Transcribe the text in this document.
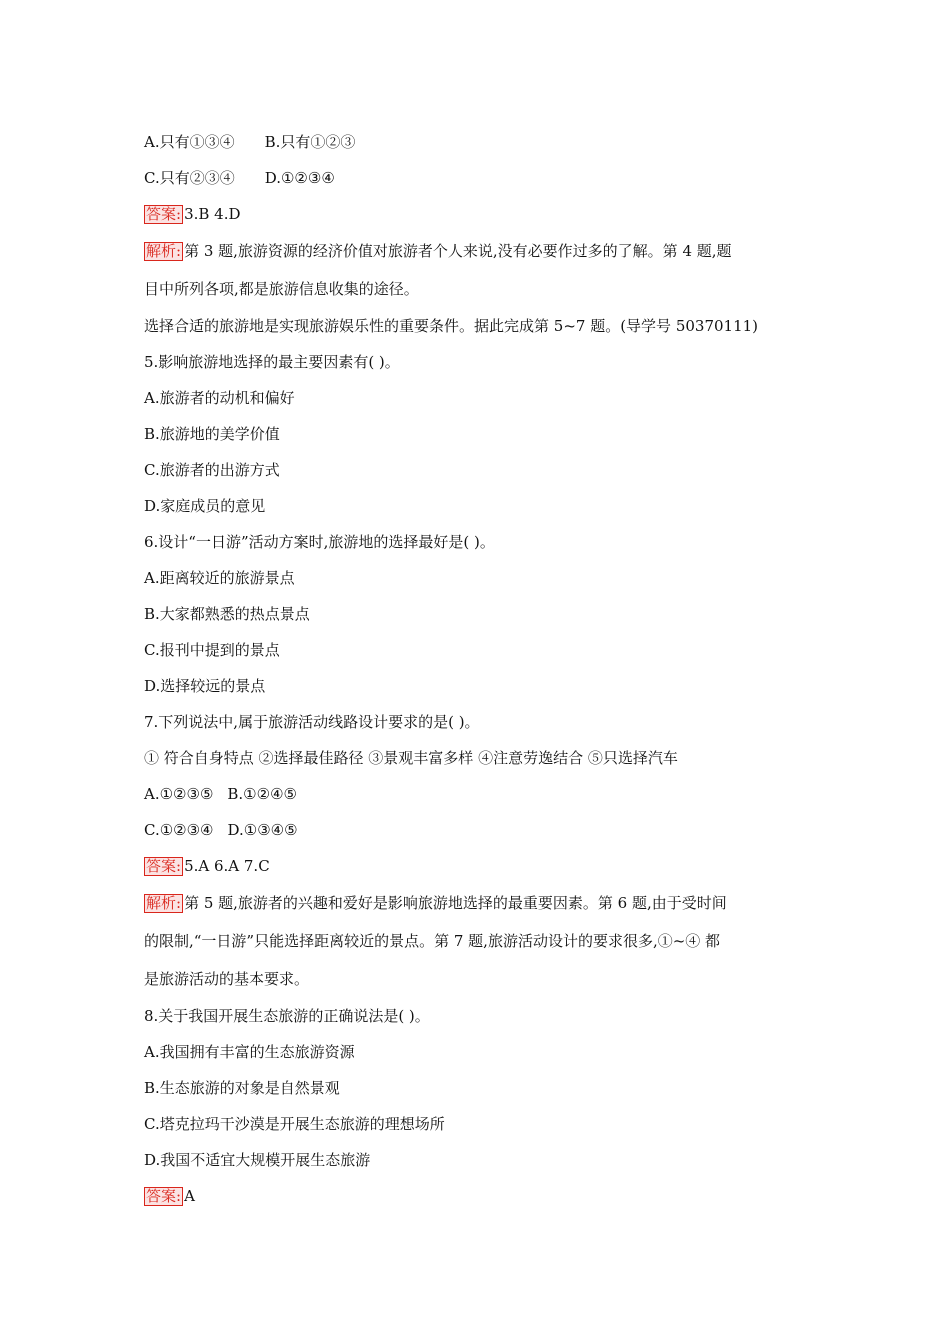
A.只有①③④ B.只有①②③
C.只有②③④ D.①②③④
答案: 3.B 4.D
解析: 第 3 题,旅游资源的经济价值对旅游者个人来说,没有必要作过多的了解。第 4 题,题
目中所列各项,都是旅游信息收集的途径。
选择合适的旅游地是实现旅游娱乐性的重要条件。据此完成第 5~7 题。(导学号 50370111)
5.影响旅游地选择的最主要因素有( )。
A.旅游者的动机和偏好
B.旅游地的美学价值
C.旅游者的出游方式
D.家庭成员的意见
6.设计“一日游”活动方案时,旅游地的选择最好是( )。
A.距离较近的旅游景点
B.大家都熟悉的热点景点
C.报刊中提到的景点
D.选择较远的景点
7.下列说法中,属于旅游活动线路设计要求的是( )。
① 符合自身特点 ②选择最佳路径 ③景观丰富多样 ④注意劳逸结合 ⑤只选择汽车
A.①②③⑤ B.①②④⑤
C.①②③④ D.①③④⑤
答案: 5.A 6.A 7.C
解析: 第 5 题,旅游者的兴趣和爱好是影响旅游地选择的最重要因素。第 6 题,由于受时间
的限制,“一日游”只能选择距离较近的景点。第 7 题,旅游活动设计的要求很多,①~④ 都
是旅游活动的基本要求。
8.关于我国开展生态旅游的正确说法是( )。
A.我国拥有丰富的生态旅游资源
B.生态旅游的对象是自然景观
C.塔克拉玛干沙漠是开展生态旅游的理想场所
D.我国不适宜大规模开展生态旅游
答案: A
